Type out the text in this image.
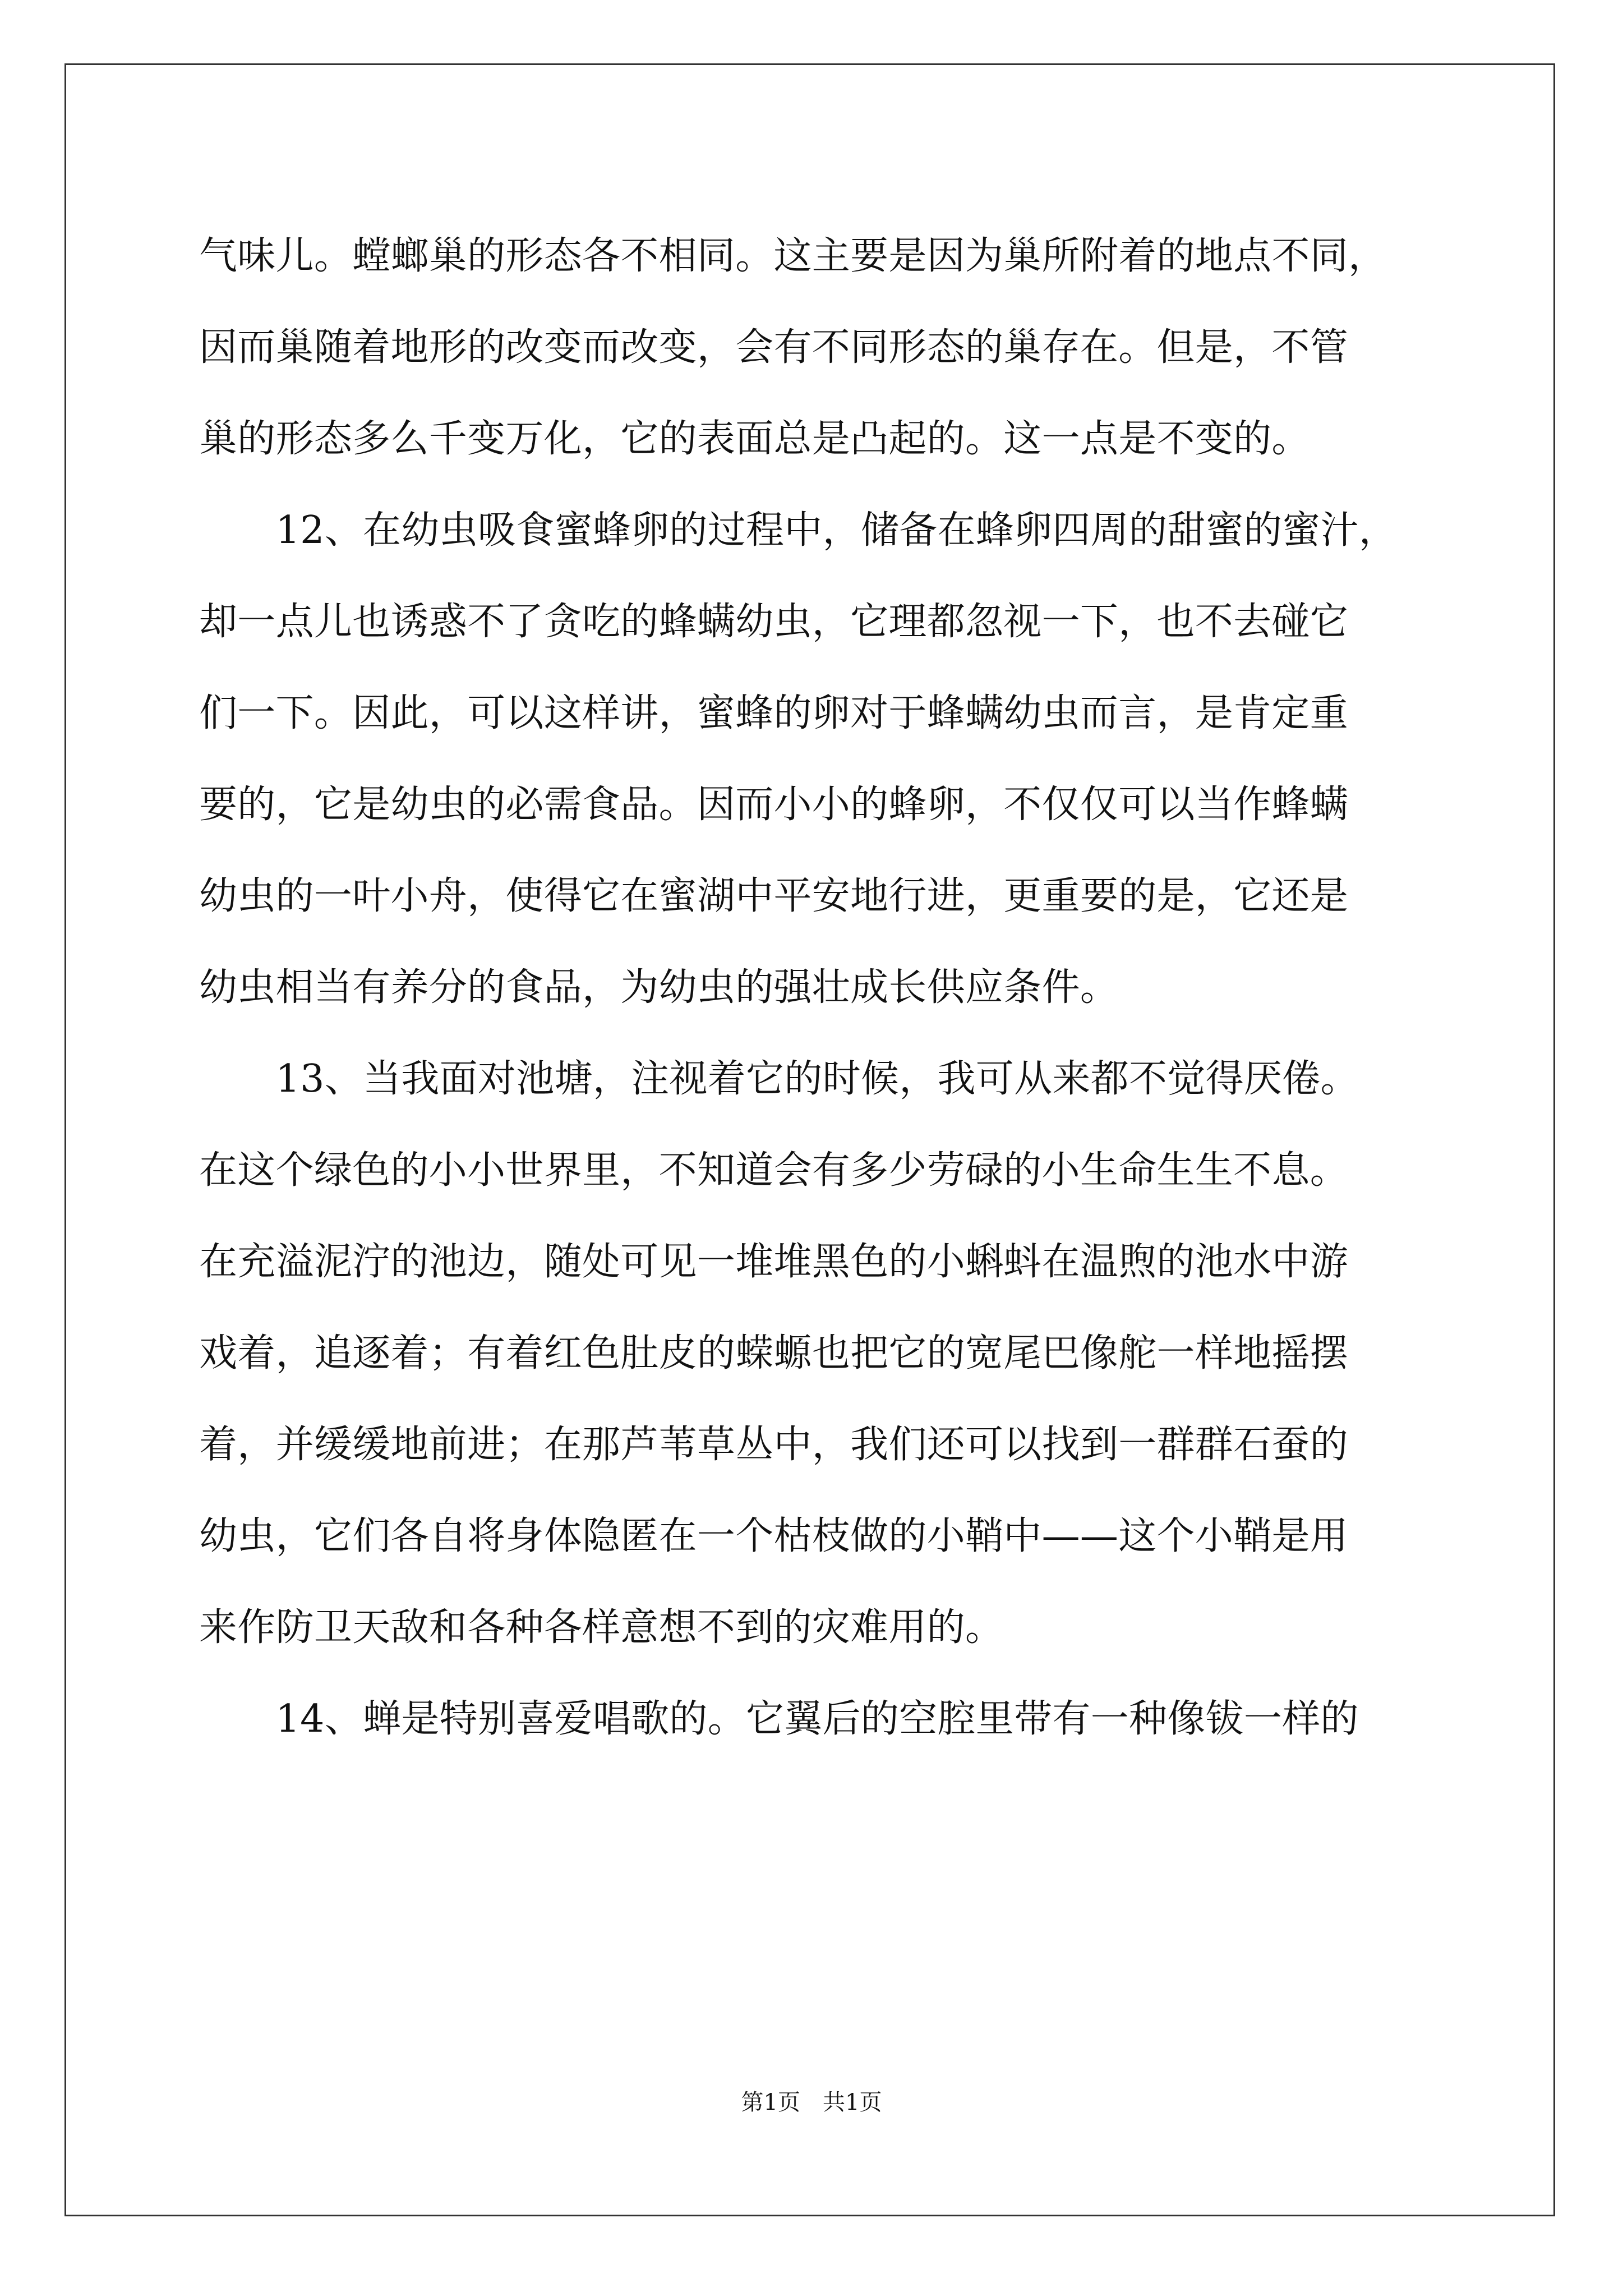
气味儿。螳螂巢的形态各不相同。这主要是因为巢所附着的地点不同，
因而巢随着地形的改变而改变，会有不同形态的巢存在。但是，不管
巢的形态多么千变万化，它的表面总是凸起的。这一点是不变的。
　　12、在幼虫吸食蜜蜂卵的过程中，储备在蜂卵四周的甜蜜的蜜汁，
却一点儿也诱惑不了贪吃的蜂螨幼虫，它理都忽视一下，也不去碰它
们一下。因此，可以这样讲，蜜蜂的卵对于蜂螨幼虫而言，是肯定重
要的，它是幼虫的必需食品。因而小小的蜂卵，不仅仅可以当作蜂螨
幼虫的一叶小舟，使得它在蜜湖中平安地行进，更重要的是，它还是
幼虫相当有养分的食品，为幼虫的强壮成长供应条件。
　　13、当我面对池塘，注视着它的时候，我可从来都不觉得厌倦。
在这个绿色的小小世界里，不知道会有多少劳碌的小生命生生不息。
在充溢泥泞的池边，随处可见一堆堆黑色的小蝌蚪在温煦的池水中游
戏着，追逐着；有着红色肚皮的蝾螈也把它的宽尾巴像舵一样地摇摆
着，并缓缓地前进；在那芦苇草丛中，我们还可以找到一群群石蚕的
幼虫，它们各自将身体隐匿在一个枯枝做的小鞘中——这个小鞘是用
来作防卫天敌和各种各样意想不到的灾难用的。
　　14、蝉是特别喜爱唱歌的。它翼后的空腔里带有一种像钹一样的
第1页　共1页
